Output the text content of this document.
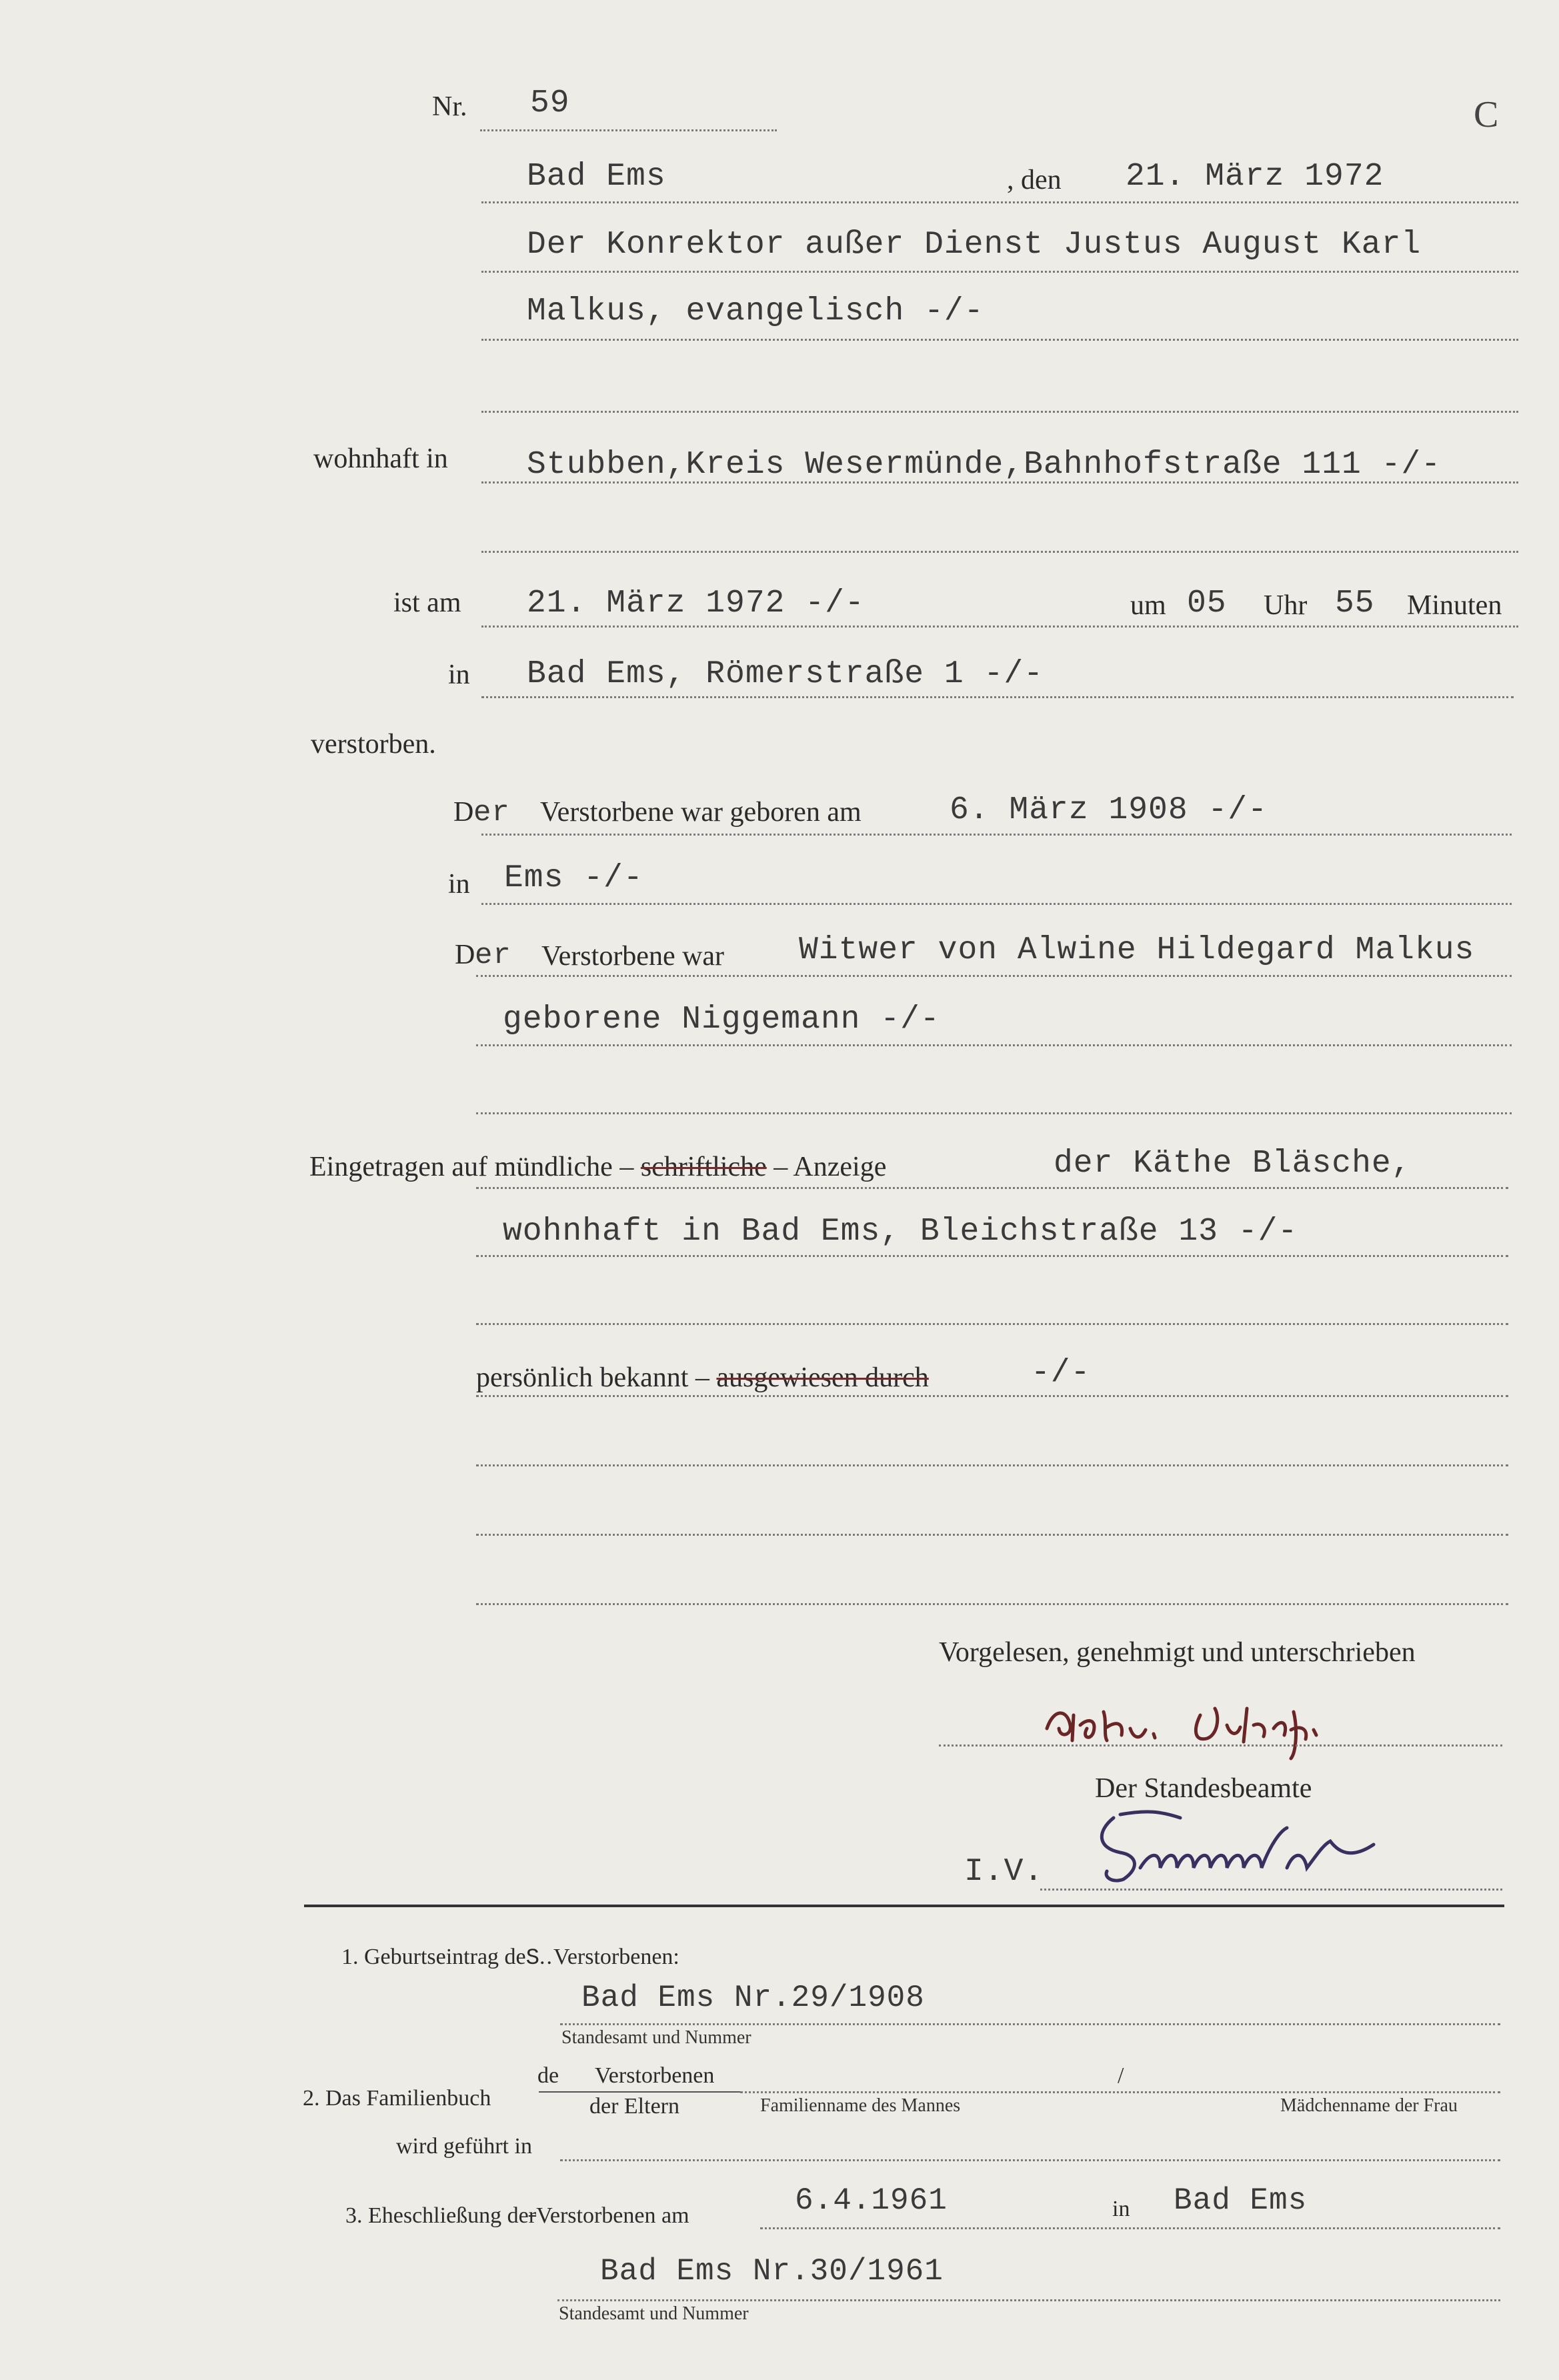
C
Nr. 59
Bad Ems	, den 21. März 1972
Der Konrektor außer Dienst Justus August Karl
Malkus, evangelisch -/-
wohnhaft in Stubben,Kreis Wesermünde,Bahnhofstraße 111 -/-
ist am 21. März 1972 -/-	um 05 Uhr 55 Minuten
in Bad Ems, Römerstraße 1 -/-
verstorben.
D er Verstorbene war geboren am	6. März 1908 -/-
in Ems -/-
D er Verstorbene war Witwer von Alwine Hildegard Malkus
geborene Niggemann -/-
Eingetragen auf mündliche – schriftliche – Anzeige	der Käthe Bläsche,
wohnhaft in Bad Ems, Bleichstraße 13 -/-
persönlich bekannt – ausgewiesen durch	-/-
Vorgelesen, genehmigt und unterschrieben
Der Standesbeamte
I.V.
1. Geburtseintrag deS..Verstorbenen:
Bad Ems Nr.29/1908
Standesamt und Nummer
2. Das Familienbuch
de Verstorbenen
der Eltern
/
Familienname des Mannes	Mädchenname der Frau
wird geführt in
3. Eheschließung derVerstorbenen am	6.4.1961	in Bad Ems
Bad Ems Nr.30/1961
Standesamt und Nummer
